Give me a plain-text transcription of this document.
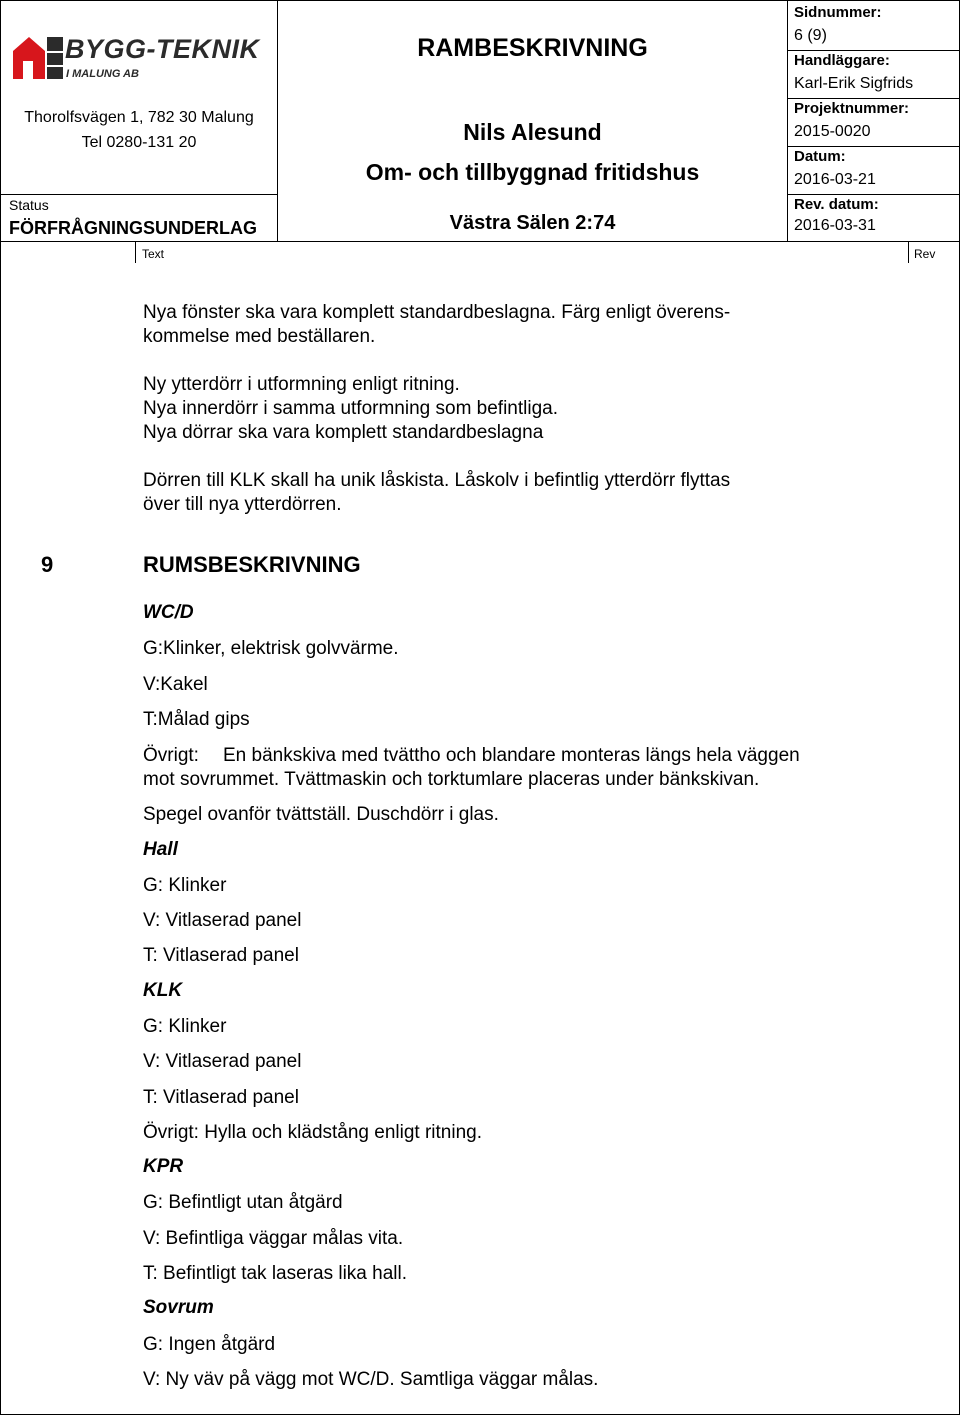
BYGG-TEKNIK
I MALUNG AB
Thorolfsvägen 1, 782 30 Malung
Tel 0280-131 20
Status
FÖRFRÅGNINGSUNDERLAG
RAMBESKRIVNING
Nils Alesund
Om- och tillbyggnad fritidshus
Västra Sälen 2:74
Sidnummer:
6 (9)
Handläggare:
Karl-Erik Sigfrids
Projektnummer:
2015-0020
Datum:
2016-03-21
Rev. datum:
2016-03-31
Text	Rev
Nya fönster ska vara komplett standardbeslagna. Färg enligt överens-
kommelse med beställaren.
Ny ytterdörr i utformning enligt ritning.
Nya innerdörr i samma utformning som befintliga.
Nya dörrar ska vara komplett standardbeslagna
Dörren till KLK skall ha unik låskista. Låskolv i befintlig ytterdörr flyttas
över till nya ytterdörren.
9	RUMSBESKRIVNING
WC/D
G:Klinker, elektrisk golvvärme.
V:Kakel
T:Målad gips
Övrigt: En bänkskiva med tvättho och blandare monteras längs hela väggen
mot sovrummet. Tvättmaskin och torktumlare placeras under bänkskivan.
Spegel ovanför tvättställ. Duschdörr i glas.
Hall
G: Klinker
V: Vitlaserad panel
T: Vitlaserad panel
KLK
G: Klinker
V: Vitlaserad panel
T: Vitlaserad panel
Övrigt: Hylla och klädstång enligt ritning.
KPR
G: Befintligt utan åtgärd
V: Befintliga väggar målas vita.
T: Befintligt tak laseras lika hall.
Sovrum
G: Ingen åtgärd
V: Ny väv på vägg mot WC/D. Samtliga väggar målas.
